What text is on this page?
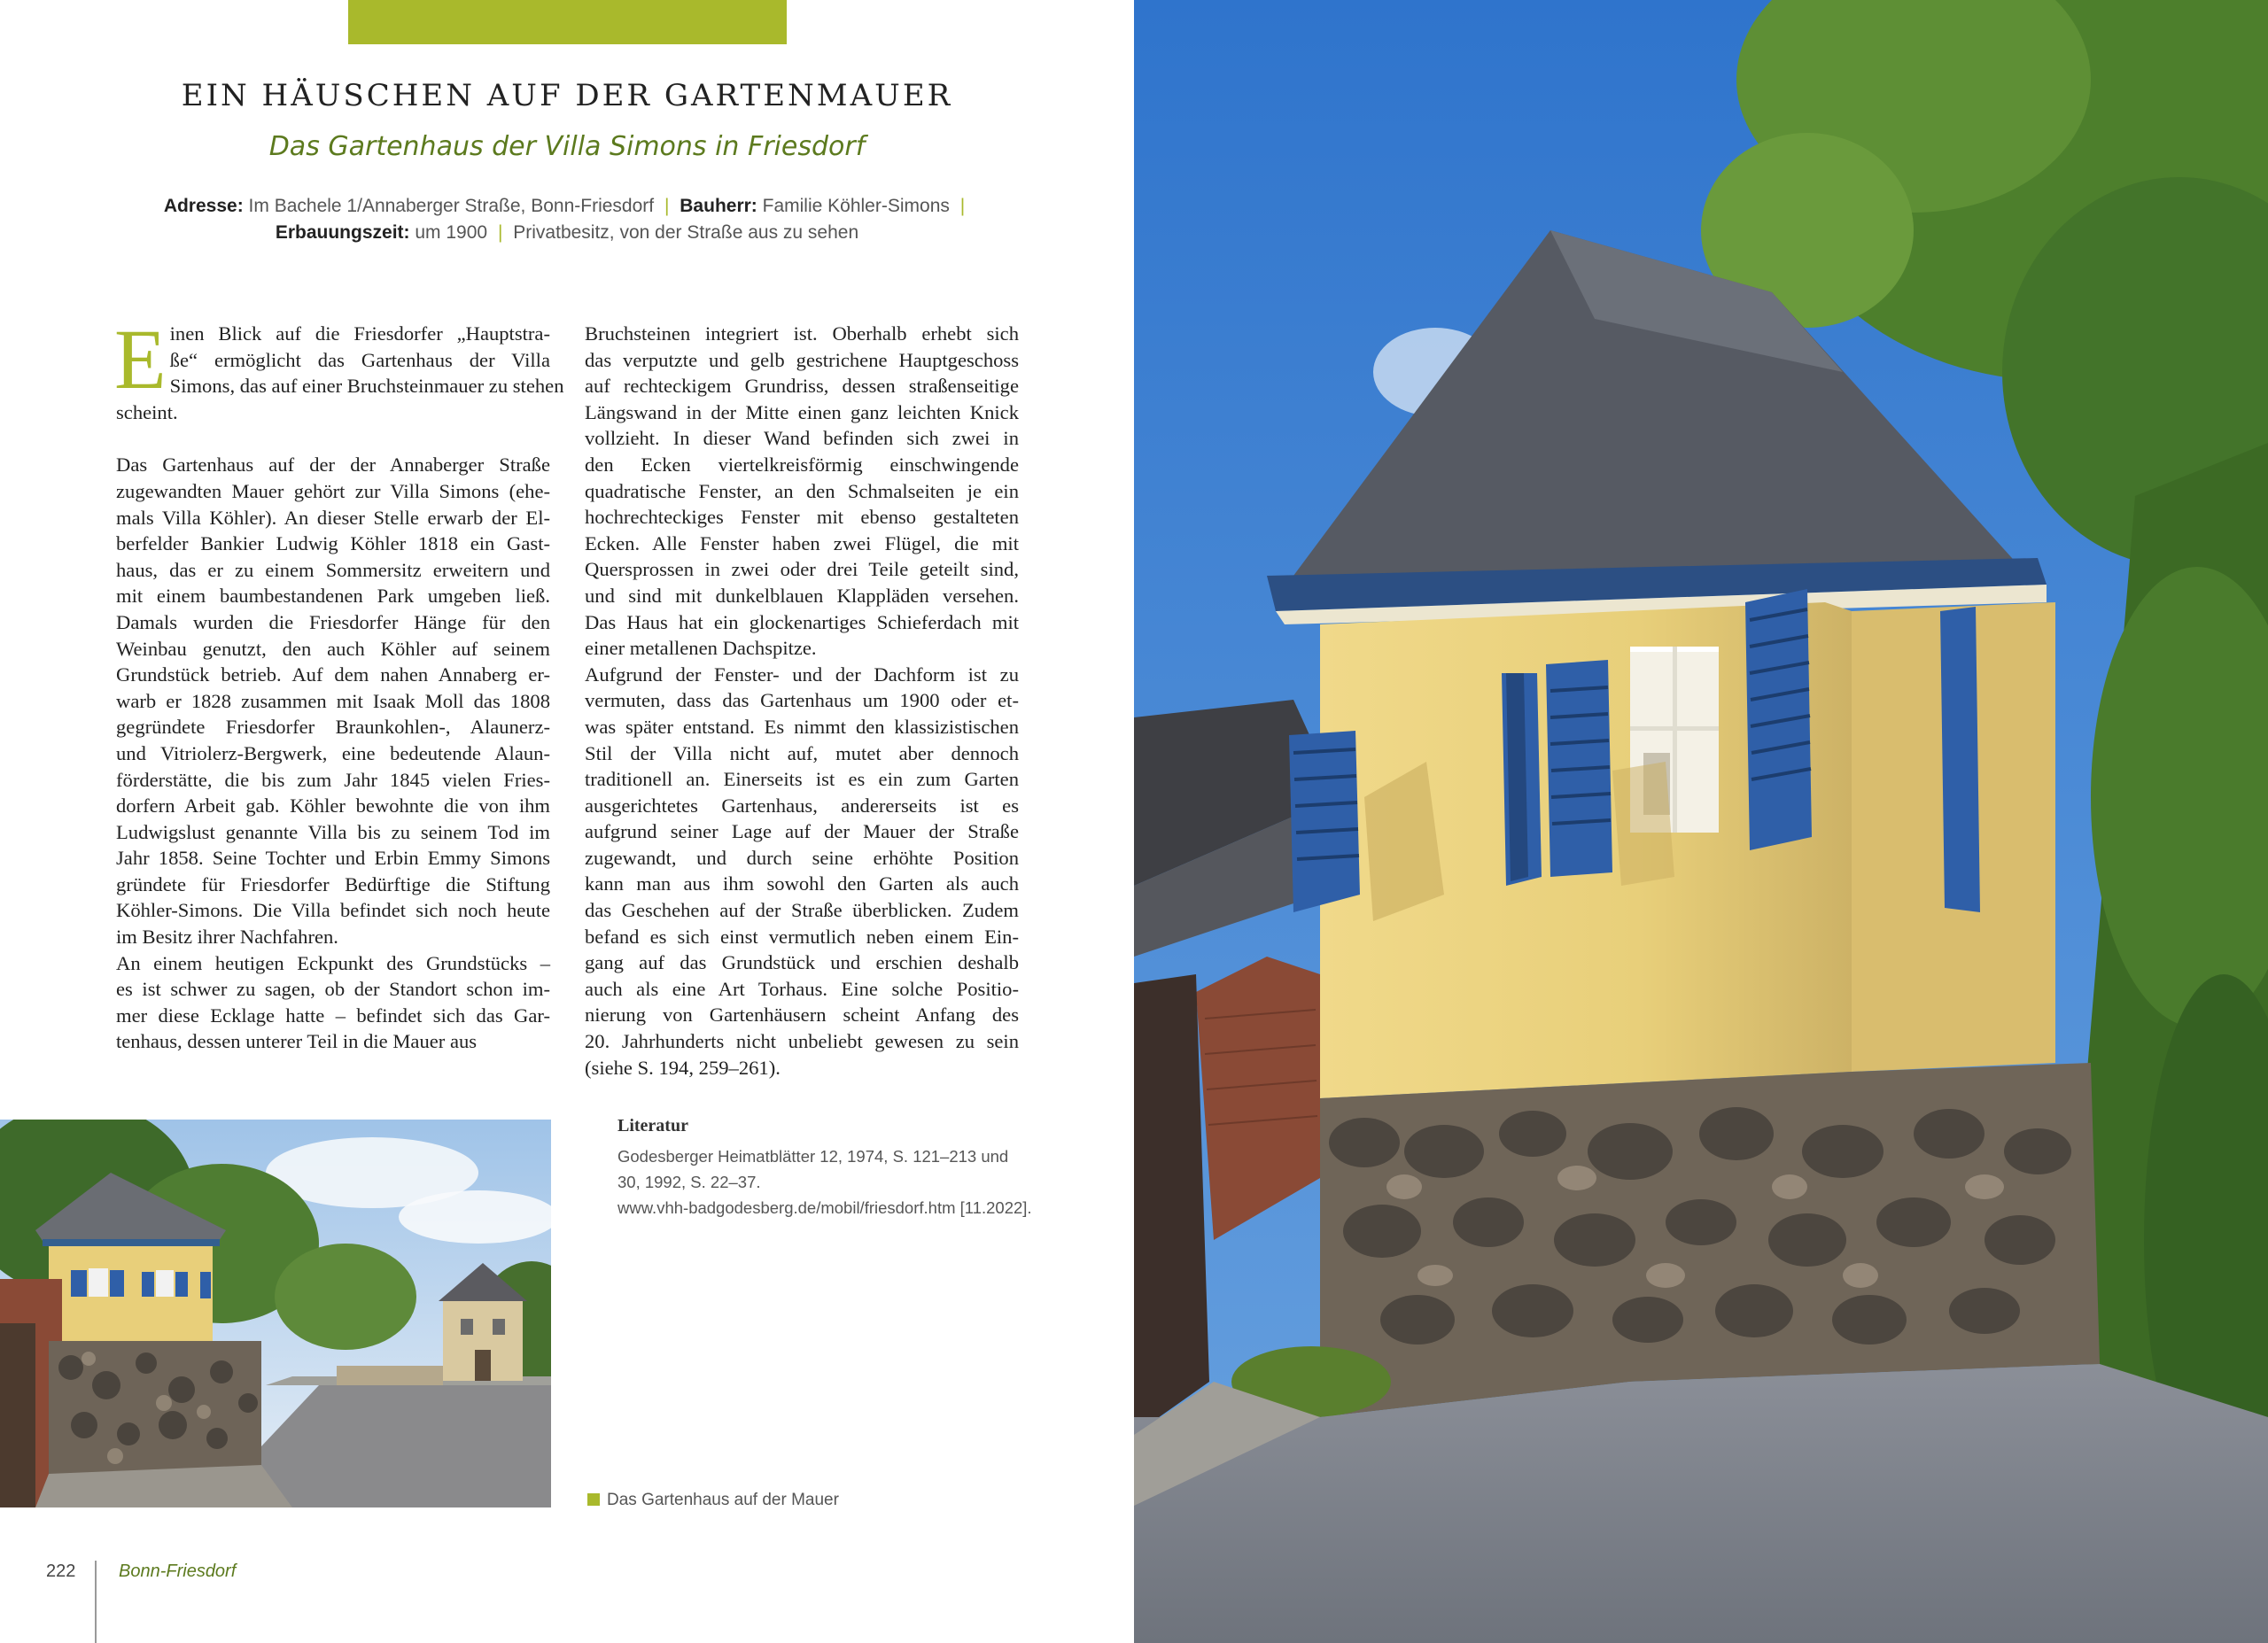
EIN HÄUSCHEN AUF DER GARTENMAUER
Das Gartenhaus der Villa Simons in Friesdorf
Adresse: Im Bachele 1/Annaberger Straße, Bonn-Friesdorf | Bauherr: Familie Köhler-Simons |
Erbauungszeit: um 1900 | Privatbesitz, von der Straße aus zu sehen
E inen Blick auf die Friesdorfer „Hauptstra-
ße“ ermöglicht das Gartenhaus der Villa
Simons, das auf einer Bruchsteinmauer zu stehen
scheint.
Das Gartenhaus auf der der Annaberger Straße
zugewandten Mauer gehört zur Villa Simons (ehe-
mals Villa Köhler). An dieser Stelle erwarb der El-
berfelder Bankier Ludwig Köhler 1818 ein Gast-
haus, das er zu einem Sommersitz erweitern und
mit einem baumbestandenen Park umgeben ließ.
Damals wurden die Friesdorfer Hänge für den
Weinbau genutzt, den auch Köhler auf seinem
Grundstück betrieb. Auf dem nahen Annaberg er-
warb er 1828 zusammen mit Isaak Moll das 1808
gegründete Friesdorfer Braunkohlen-, Alaunerz-
und Vitriolerz-Bergwerk, eine bedeutende Alaun-
förderstätte, die bis zum Jahr 1845 vielen Fries-
dorfern Arbeit gab. Köhler bewohnte die von ihm
Ludwigslust genannte Villa bis zu seinem Tod im
Jahr 1858. Seine Tochter und Erbin Emmy Simons
gründete für Friesdorfer Bedürftige die Stiftung
Köhler-Simons. Die Villa befindet sich noch heute
im Besitz ihrer Nachfahren.
An einem heutigen Eckpunkt des Grundstücks –
es ist schwer zu sagen, ob der Standort schon im-
mer diese Ecklage hatte – befindet sich das Gar-
tenhaus, dessen unterer Teil in die Mauer aus
Bruchsteinen integriert ist. Oberhalb erhebt sich
das verputzte und gelb gestrichene Hauptgeschoss
auf rechteckigem Grundriss, dessen straßenseitige
Längswand in der Mitte einen ganz leichten Knick
vollzieht. In dieser Wand befinden sich zwei in
den Ecken viertelkreisförmig einschwingende
quadratische Fenster, an den Schmalseiten je ein
hochrechteckiges Fenster mit ebenso gestalteten
Ecken. Alle Fenster haben zwei Flügel, die mit
Quersprossen in zwei oder drei Teile geteilt sind,
und sind mit dunkelblauen Klappläden versehen.
Das Haus hat ein glockenartiges Schieferdach mit
einer metallenen Dachspitze.
Aufgrund der Fenster- und der Dachform ist zu
vermuten, dass das Gartenhaus um 1900 oder et-
was später entstand. Es nimmt den klassizistischen
Stil der Villa nicht auf, mutet aber dennoch
traditionell an. Einerseits ist es ein zum Garten
ausgerichtetes Gartenhaus, andererseits ist es
aufgrund seiner Lage auf der Mauer der Straße
zugewandt, und durch seine erhöhte Position
kann man aus ihm sowohl den Garten als auch
das Geschehen auf der Straße überblicken. Zudem
befand es sich einst vermutlich neben einem Ein-
gang auf das Grundstück und erschien deshalb
auch als eine Art Torhaus. Eine solche Positio-
nierung von Gartenhäusern scheint Anfang des
20. Jahrhunderts nicht unbeliebt gewesen zu sein
(siehe S. 194, 259–261).
Literatur
Godesberger Heimatblätter 12, 1974, S. 121–213 und
30, 1992, S. 22–37.
www.vhh-badgodesberg.de/mobil/friesdorf.htm [11.2022].
Das Gartenhaus auf der Mauer
222 Bonn-Friesdorf
